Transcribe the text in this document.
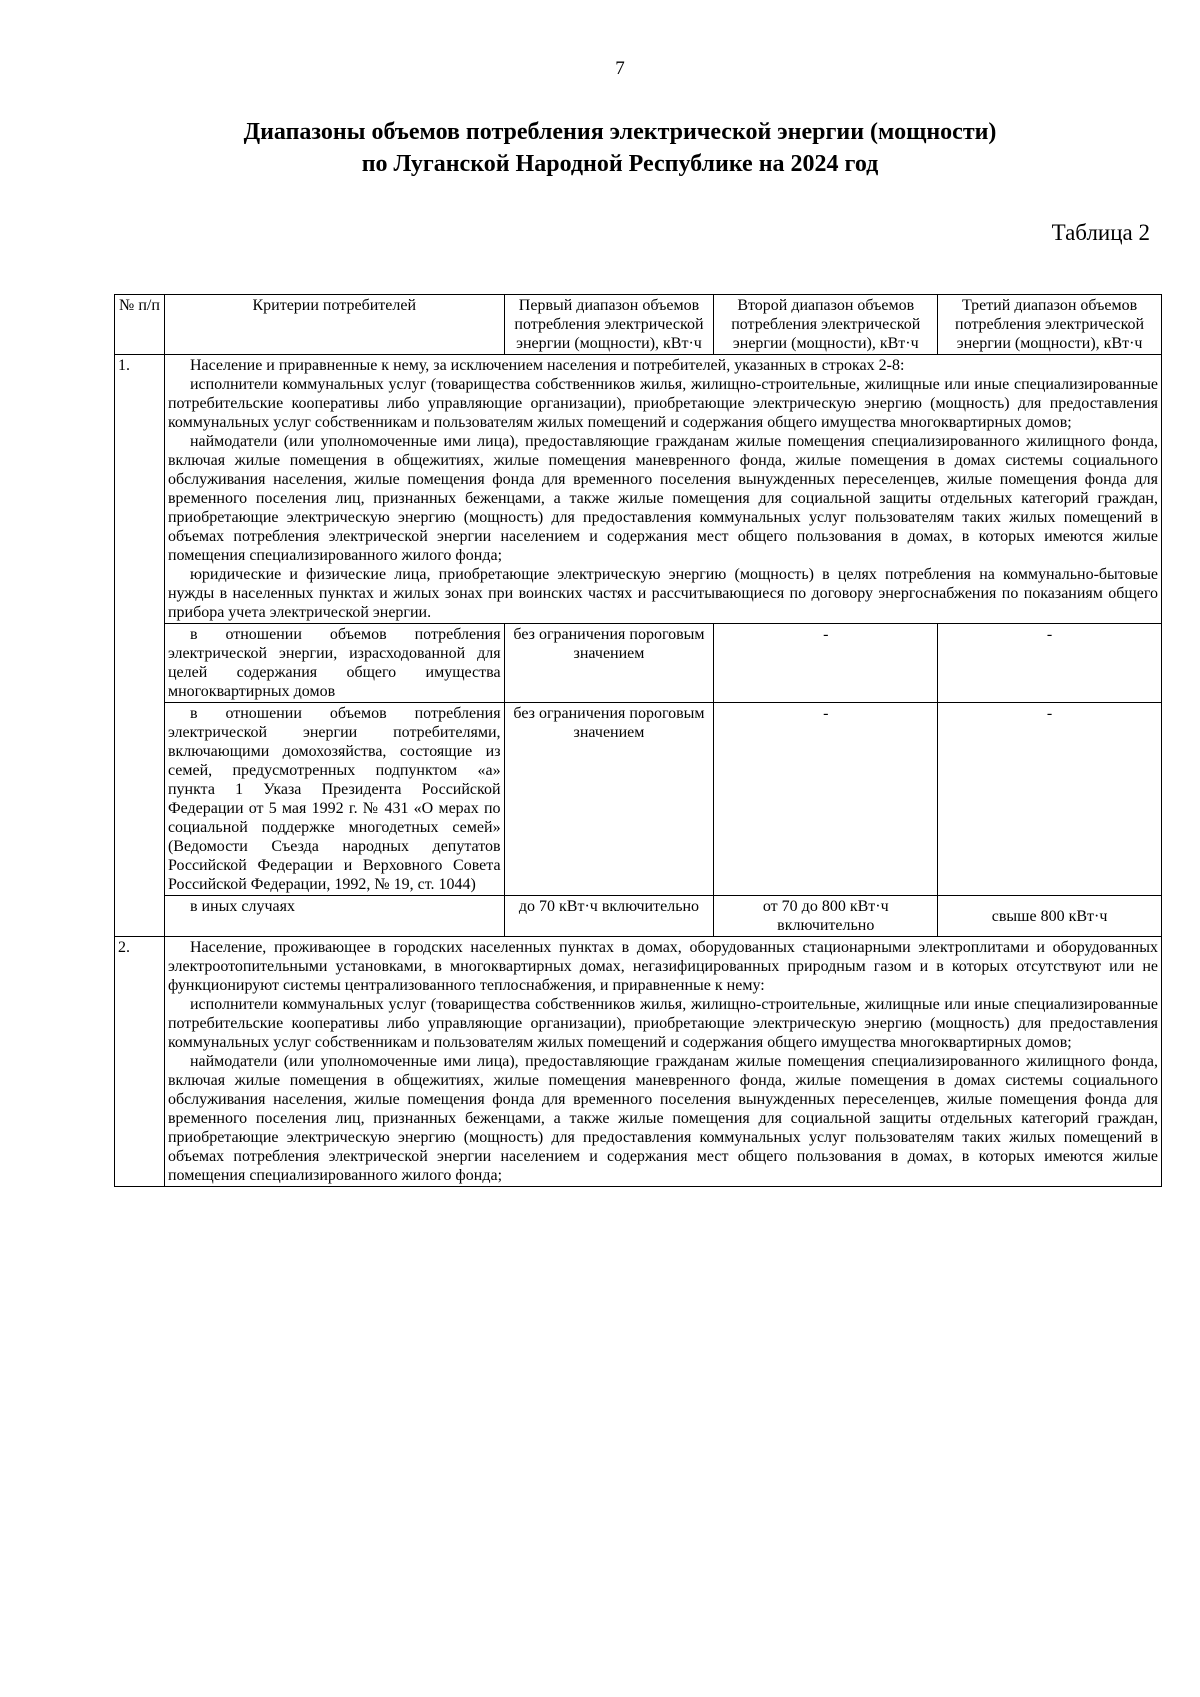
7
Диапазоны объемов потребления электрической энергии (мощности)
по Луганской Народной Республике на 2024 год
Таблица 2
№ п/п	Критерии потребителей	Первый диапазон объемов потребления электрической энергии (мощности), кВт·ч	Второй диапазон объемов потребления электрической энергии (мощности), кВт·ч	Третий диапазон объемов потребления электрической энергии (мощности), кВт·ч
1.	Население и приравненные к нему, за исключением населения и потребителей, указанных в строках 2-8:

исполнители коммунальных услуг (товарищества собственников жилья, жилищно-строительные, жилищные или иные специализированные потребительские кооперативы либо управляющие организации), приобретающие электрическую энергию (мощность) для предоставления коммунальных услуг собственникам и пользователям жилых помещений и содержания общего имущества многоквартирных домов;

наймодатели (или уполномоченные ими лица), предоставляющие гражданам жилые помещения специализированного жилищного фонда, включая жилые помещения в общежитиях, жилые помещения маневренного фонда, жилые помещения в домах системы социального обслуживания населения, жилые помещения фонда для временного поселения вынужденных переселенцев, жилые помещения фонда для временного поселения лиц, признанных беженцами, а также жилые помещения для социальной защиты отдельных категорий граждан, приобретающие электрическую энергию (мощность) для предоставления коммунальных услуг пользователям таких жилых помещений в объемах потребления электрической энергии населением и содержания мест общего пользования в домах, в которых имеются жилые помещения специализированного жилого фонда;

юридические и физические лица, приобретающие электрическую энергию (мощность) в целях потребления на коммунально-бытовые нужды в населенных пунктах и жилых зонах при воинских частях и рассчитывающиеся по договору энергоснабжения по показаниям общего прибора учета электрической энергии.			

	в отношении объемов потребления электрической энергии, израсходованной для целей содержания общего имущества многоквартирных домов	без ограничения пороговым значением	-	-
	в отношении объемов потребления электрической энергии потребителями, включающими домохозяйства, состоящие из семей, предусмотренных подпунктом «а» пункта 1 Указа Президента Российской Федерации от 5 мая 1992 г. № 431 «О мерах по социальной поддержке многодетных семей» (Ведомости Съезда народных депутатов Российской Федерации и Верховного Совета Российской Федерации, 1992, № 19, ст. 1044)	без ограничения пороговым значением	-	-
	в иных случаях	до 70 кВт·ч включительно	от 70 до 800 кВт·ч включительно	свыше 800 кВт·ч
2.	Население, проживающее в городских населенных пунктах в домах, оборудованных стационарными электроплитами и оборудованных электроотопительными установками, в многоквартирных домах, негазифицированных природным газом и в которых отсутствуют или не функционируют системы централизованного теплоснабжения, и приравненные к нему:

исполнители коммунальных услуг (товарищества собственников жилья, жилищно-строительные, жилищные или иные специализированные потребительские кооперативы либо управляющие организации), приобретающие электрическую энергию (мощность) для предоставления коммунальных услуг собственникам и пользователям жилых помещений и содержания общего имущества многоквартирных домов;

наймодатели (или уполномоченные ими лица), предоставляющие гражданам жилые помещения специализированного жилищного фонда, включая жилые помещения в общежитиях, жилые помещения маневренного фонда, жилые помещения в домах системы социального обслуживания населения, жилые помещения фонда для временного поселения вынужденных переселенцев, жилые помещения фонда для временного поселения лиц, признанных беженцами, а также жилые помещения для социальной защиты отдельных категорий граждан, приобретающие электрическую энергию (мощность) для предоставления коммунальных услуг пользователям таких жилых помещений в объемах потребления электрической энергии населением и содержания мест общего пользования в домах, в которых имеются жилые помещения специализированного жилого фонда;			
